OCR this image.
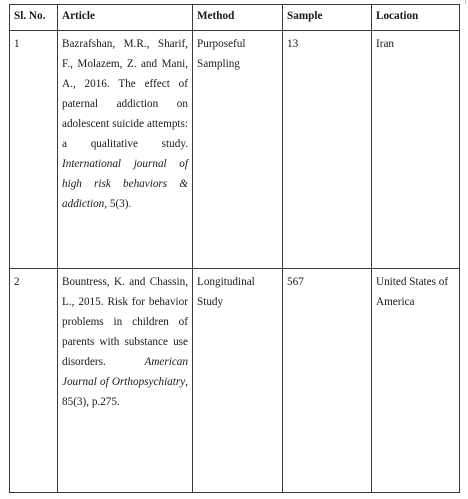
1
Sl. No.	Article	Method	Sample	Location
1	Bazrafshan, M.R., Sharif, F., Molazem, Z. and Mani, A., 2016. The effect of paternal addiction on adolescent suicide attempts: a qualitative study. International journal of high risk behaviors & addiction, 5(3).	Purposeful Sampling	13	Iran
2	Bountress, K. and Chassin, L., 2015. Risk for behavior problems in children of parents with substance use disorders. American Journal of Orthopsychiatry, 85(3), p.275.	Longitudinal Study	567	United States of America
